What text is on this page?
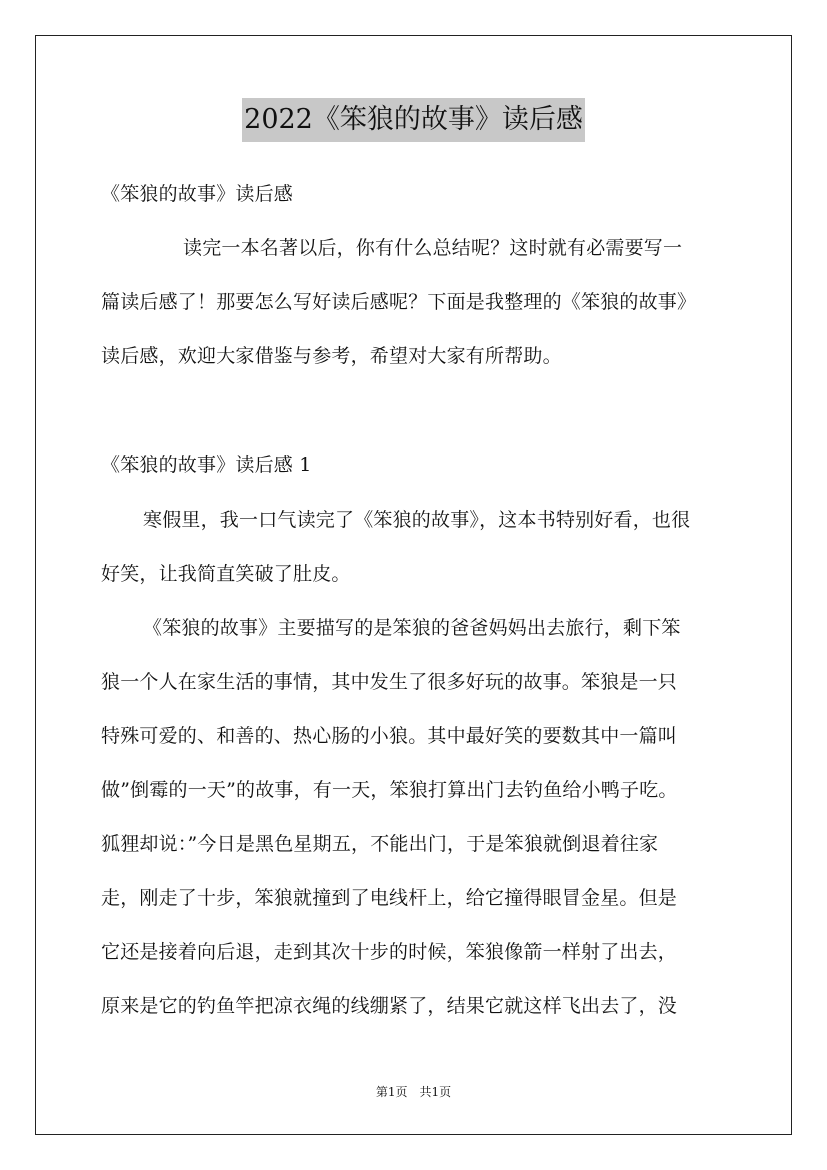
2022《笨狼的故事》读后感
《笨狼的故事》读后感
读完一本名著以后，你有什么总结呢？这时就有必需要写一
篇读后感了！那要怎么写好读后感呢？下面是我整理的《笨狼的故事》
读后感，欢迎大家借鉴与参考，希望对大家有所帮助。
《笨狼的故事》读后感 1
寒假里，我一口气读完了《笨狼的故事》，这本书特别好看，也很
好笑，让我简直笑破了肚皮。
《笨狼的故事》主要描写的是笨狼的爸爸妈妈出去旅行，剩下笨
狼一个人在家生活的事情，其中发生了很多好玩的故事。笨狼是一只
特殊可爱的、和善的、热心肠的小狼。其中最好笑的要数其中一篇叫
做”倒霉的一天”的故事，有一天，笨狼打算出门去钓鱼给小鸭子吃。
狐狸却说：”今日是黑色星期五，不能出门，于是笨狼就倒退着往家
走，刚走了十步，笨狼就撞到了电线杆上，给它撞得眼冒金星。但是
它还是接着向后退，走到其次十步的时候，笨狼像箭一样射了出去，
原来是它的钓鱼竿把凉衣绳的线绷紧了，结果它就这样飞出去了，没
第1页　共1页
